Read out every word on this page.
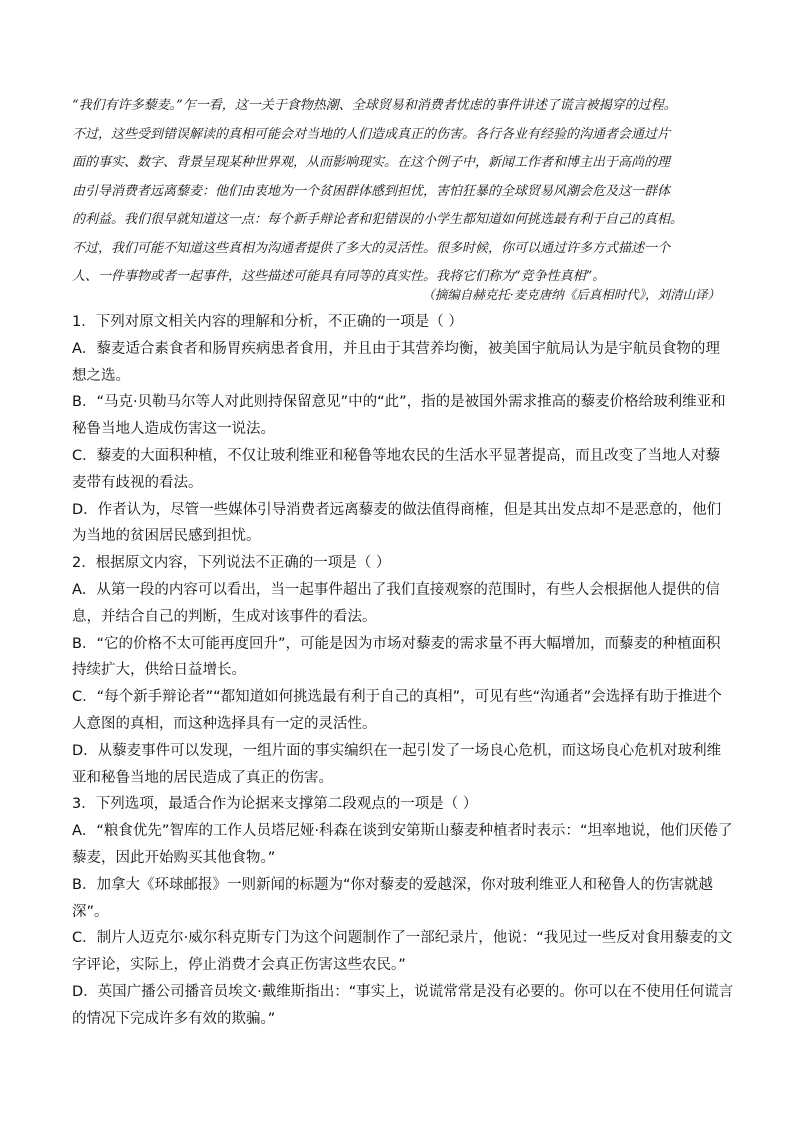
“我们有许多藜麦。”乍一看，这一关于食物热潮、全球贸易和消费者忧虑的事件讲述了谎言被揭穿的过程。

不过，这些受到错误解读的真相可能会对当地的人们造成真正的伤害。各行各业有经验的沟通者会通过片

面的事实、数字、背景呈现某种世界观，从而影响现实。在这个例子中，新闻工作者和博主出于高尚的理

由引导消费者远离藜麦：他们由衷地为一个贫困群体感到担忧，害怕狂暴的全球贸易风潮会危及这一群体

的利益。我们很早就知道这一点：每个新手辩论者和犯错误的小学生都知道如何挑选最有利于自己的真相。

不过，我们可能不知道这些真相为沟通者提供了多大的灵活性。很多时候，你可以通过许多方式描述一个

人、一件事物或者一起事件，这些描述可能具有同等的真实性。我将它们称为“竞争性真相”。

（摘编自赫克托·麦克唐纳《后真相时代》，刘清山译）

1．下列对原文相关内容的理解和分析，不正确的一项是（ ）

A．藜麦适合素食者和肠胃疾病患者食用，并且由于其营养均衡，被美国宇航局认为是宇航员食物的理想之选。

B．“马克·贝勒马尔等人对此则持保留意见”中的“此”，指的是被国外需求推高的藜麦价格给玻利维亚和秘鲁当地人造成伤害这一说法。

C．藜麦的大面积种植，不仅让玻利维亚和秘鲁等地农民的生活水平显著提高，而且改变了当地人对藜麦带有歧视的看法。

D．作者认为，尽管一些媒体引导消费者远离藜麦的做法值得商榷，但是其出发点却不是恶意的，他们为当地的贫困居民感到担忧。

2．根据原文内容，下列说法不正确的一项是（ ）

A．从第一段的内容可以看出，当一起事件超出了我们直接观察的范围时，有些人会根据他人提供的信息，并结合自己的判断，生成对该事件的看法。

B．“它的价格不太可能再度回升”，可能是因为市场对藜麦的需求量不再大幅增加，而藜麦的种植面积持续扩大，供给日益增长。

C．“每个新手辩论者”“都知道如何挑选最有利于自己的真相”，可见有些“沟通者”会选择有助于推进个人意图的真相，而这种选择具有一定的灵活性。

D．从藜麦事件可以发现，一组片面的事实编织在一起引发了一场良心危机，而这场良心危机对玻利维亚和秘鲁当地的居民造成了真正的伤害。

3．下列选项，最适合作为论据来支撑第二段观点的一项是（ ）

A．“粮食优先”智库的工作人员塔尼娅·科森在谈到安第斯山藜麦种植者时表示：“坦率地说，他们厌倦了藜麦，因此开始购买其他食物。”

B．加拿大《环球邮报》一则新闻的标题为“你对藜麦的爱越深，你对玻利维亚人和秘鲁人的伤害就越深”。

C．制片人迈克尔·威尔科克斯专门为这个问题制作了一部纪录片，他说：“我见过一些反对食用藜麦的文字评论，实际上，停止消费才会真正伤害这些农民。”

D．英国广播公司播音员埃文·戴维斯指出：“事实上，说谎常常是没有必要的。你可以在不使用任何谎言的情况下完成许多有效的欺骗。”
